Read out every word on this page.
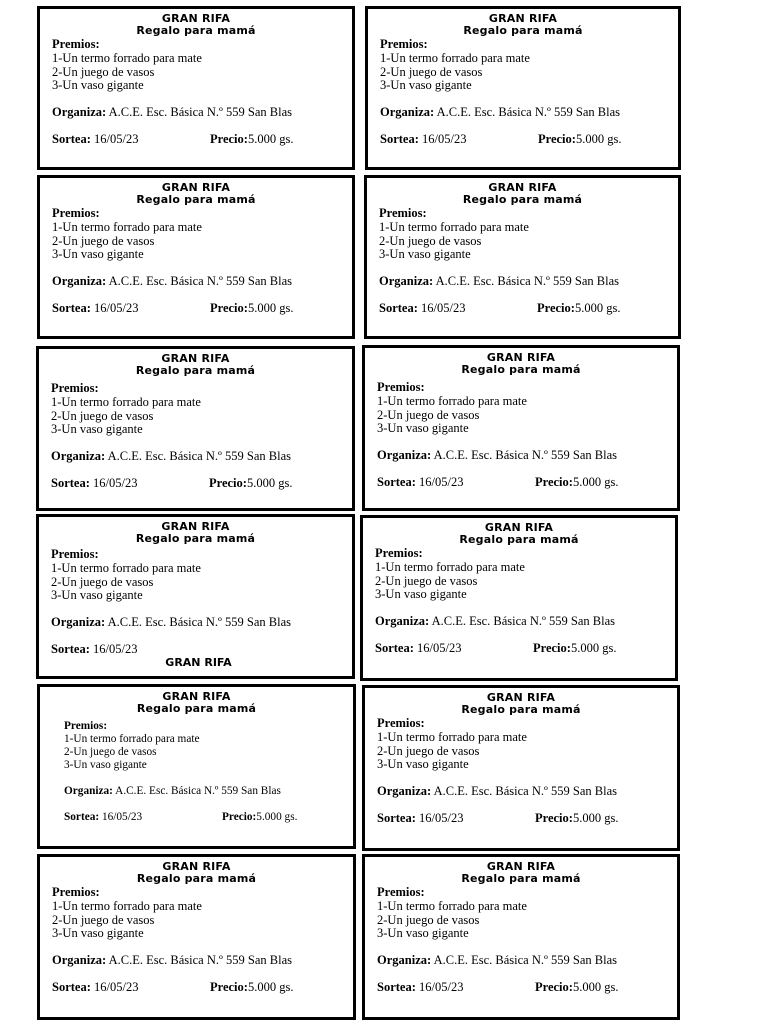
GRAN RIFA
Regalo para mamá
Premios:
1-Un termo forrado para mate
2-Un juego de vasos
3-Un vaso gigante
Organiza: A.C.E. Esc. Básica N.º 559 San Blas
Sortea: 16/05/23	Precio:5.000 gs.
GRAN RIFA
Regalo para mamá
Premios:
1-Un termo forrado para mate
2-Un juego de vasos
3-Un vaso gigante
Organiza: A.C.E. Esc. Básica N.º 559 San Blas
Sortea: 16/05/23	Precio:5.000 gs.
GRAN RIFA
Regalo para mamá
Premios:
1-Un termo forrado para mate
2-Un juego de vasos
3-Un vaso gigante
Organiza: A.C.E. Esc. Básica N.º 559 San Blas
Sortea: 16/05/23	Precio:5.000 gs.
GRAN RIFA
Regalo para mamá
Premios:
1-Un termo forrado para mate
2-Un juego de vasos
3-Un vaso gigante
Organiza: A.C.E. Esc. Básica N.º 559 San Blas
Sortea: 16/05/23	Precio:5.000 gs.
GRAN RIFA
Regalo para mamá
Premios:
1-Un termo forrado para mate
2-Un juego de vasos
3-Un vaso gigante
Organiza: A.C.E. Esc. Básica N.º 559 San Blas
Sortea: 16/05/23	Precio:5.000 gs.
GRAN RIFA
Regalo para mamá
Premios:
1-Un termo forrado para mate
2-Un juego de vasos
3-Un vaso gigante
Organiza: A.C.E. Esc. Básica N.º 559 San Blas
Sortea: 16/05/23	Precio:5.000 gs.
GRAN RIFA
Regalo para mamá
Premios:
1-Un termo forrado para mate
2-Un juego de vasos
3-Un vaso gigante
Organiza: A.C.E. Esc. Básica N.º 559 San Blas
Sortea: 16/05/23
GRAN RIFA
GRAN RIFA
Regalo para mamá
Premios:
1-Un termo forrado para mate
2-Un juego de vasos
3-Un vaso gigante
Organiza: A.C.E. Esc. Básica N.º 559 San Blas
Sortea: 16/05/23	Precio:5.000 gs.
GRAN RIFA
Regalo para mamá
Premios:
1-Un termo forrado para mate
2-Un juego de vasos
3-Un vaso gigante
Organiza: A.C.E. Esc. Básica N.º 559 San Blas
Sortea: 16/05/23	Precio:5.000 gs.
GRAN RIFA
Regalo para mamá
Premios:
1-Un termo forrado para mate
2-Un juego de vasos
3-Un vaso gigante
Organiza: A.C.E. Esc. Básica N.º 559 San Blas
Sortea: 16/05/23	Precio:5.000 gs.
GRAN RIFA
Regalo para mamá
Premios:
1-Un termo forrado para mate
2-Un juego de vasos
3-Un vaso gigante
Organiza: A.C.E. Esc. Básica N.º 559 San Blas
Sortea: 16/05/23	Precio:5.000 gs.
GRAN RIFA
Regalo para mamá
Premios:
1-Un termo forrado para mate
2-Un juego de vasos
3-Un vaso gigante
Organiza: A.C.E. Esc. Básica N.º 559 San Blas
Sortea: 16/05/23	Precio:5.000 gs.
